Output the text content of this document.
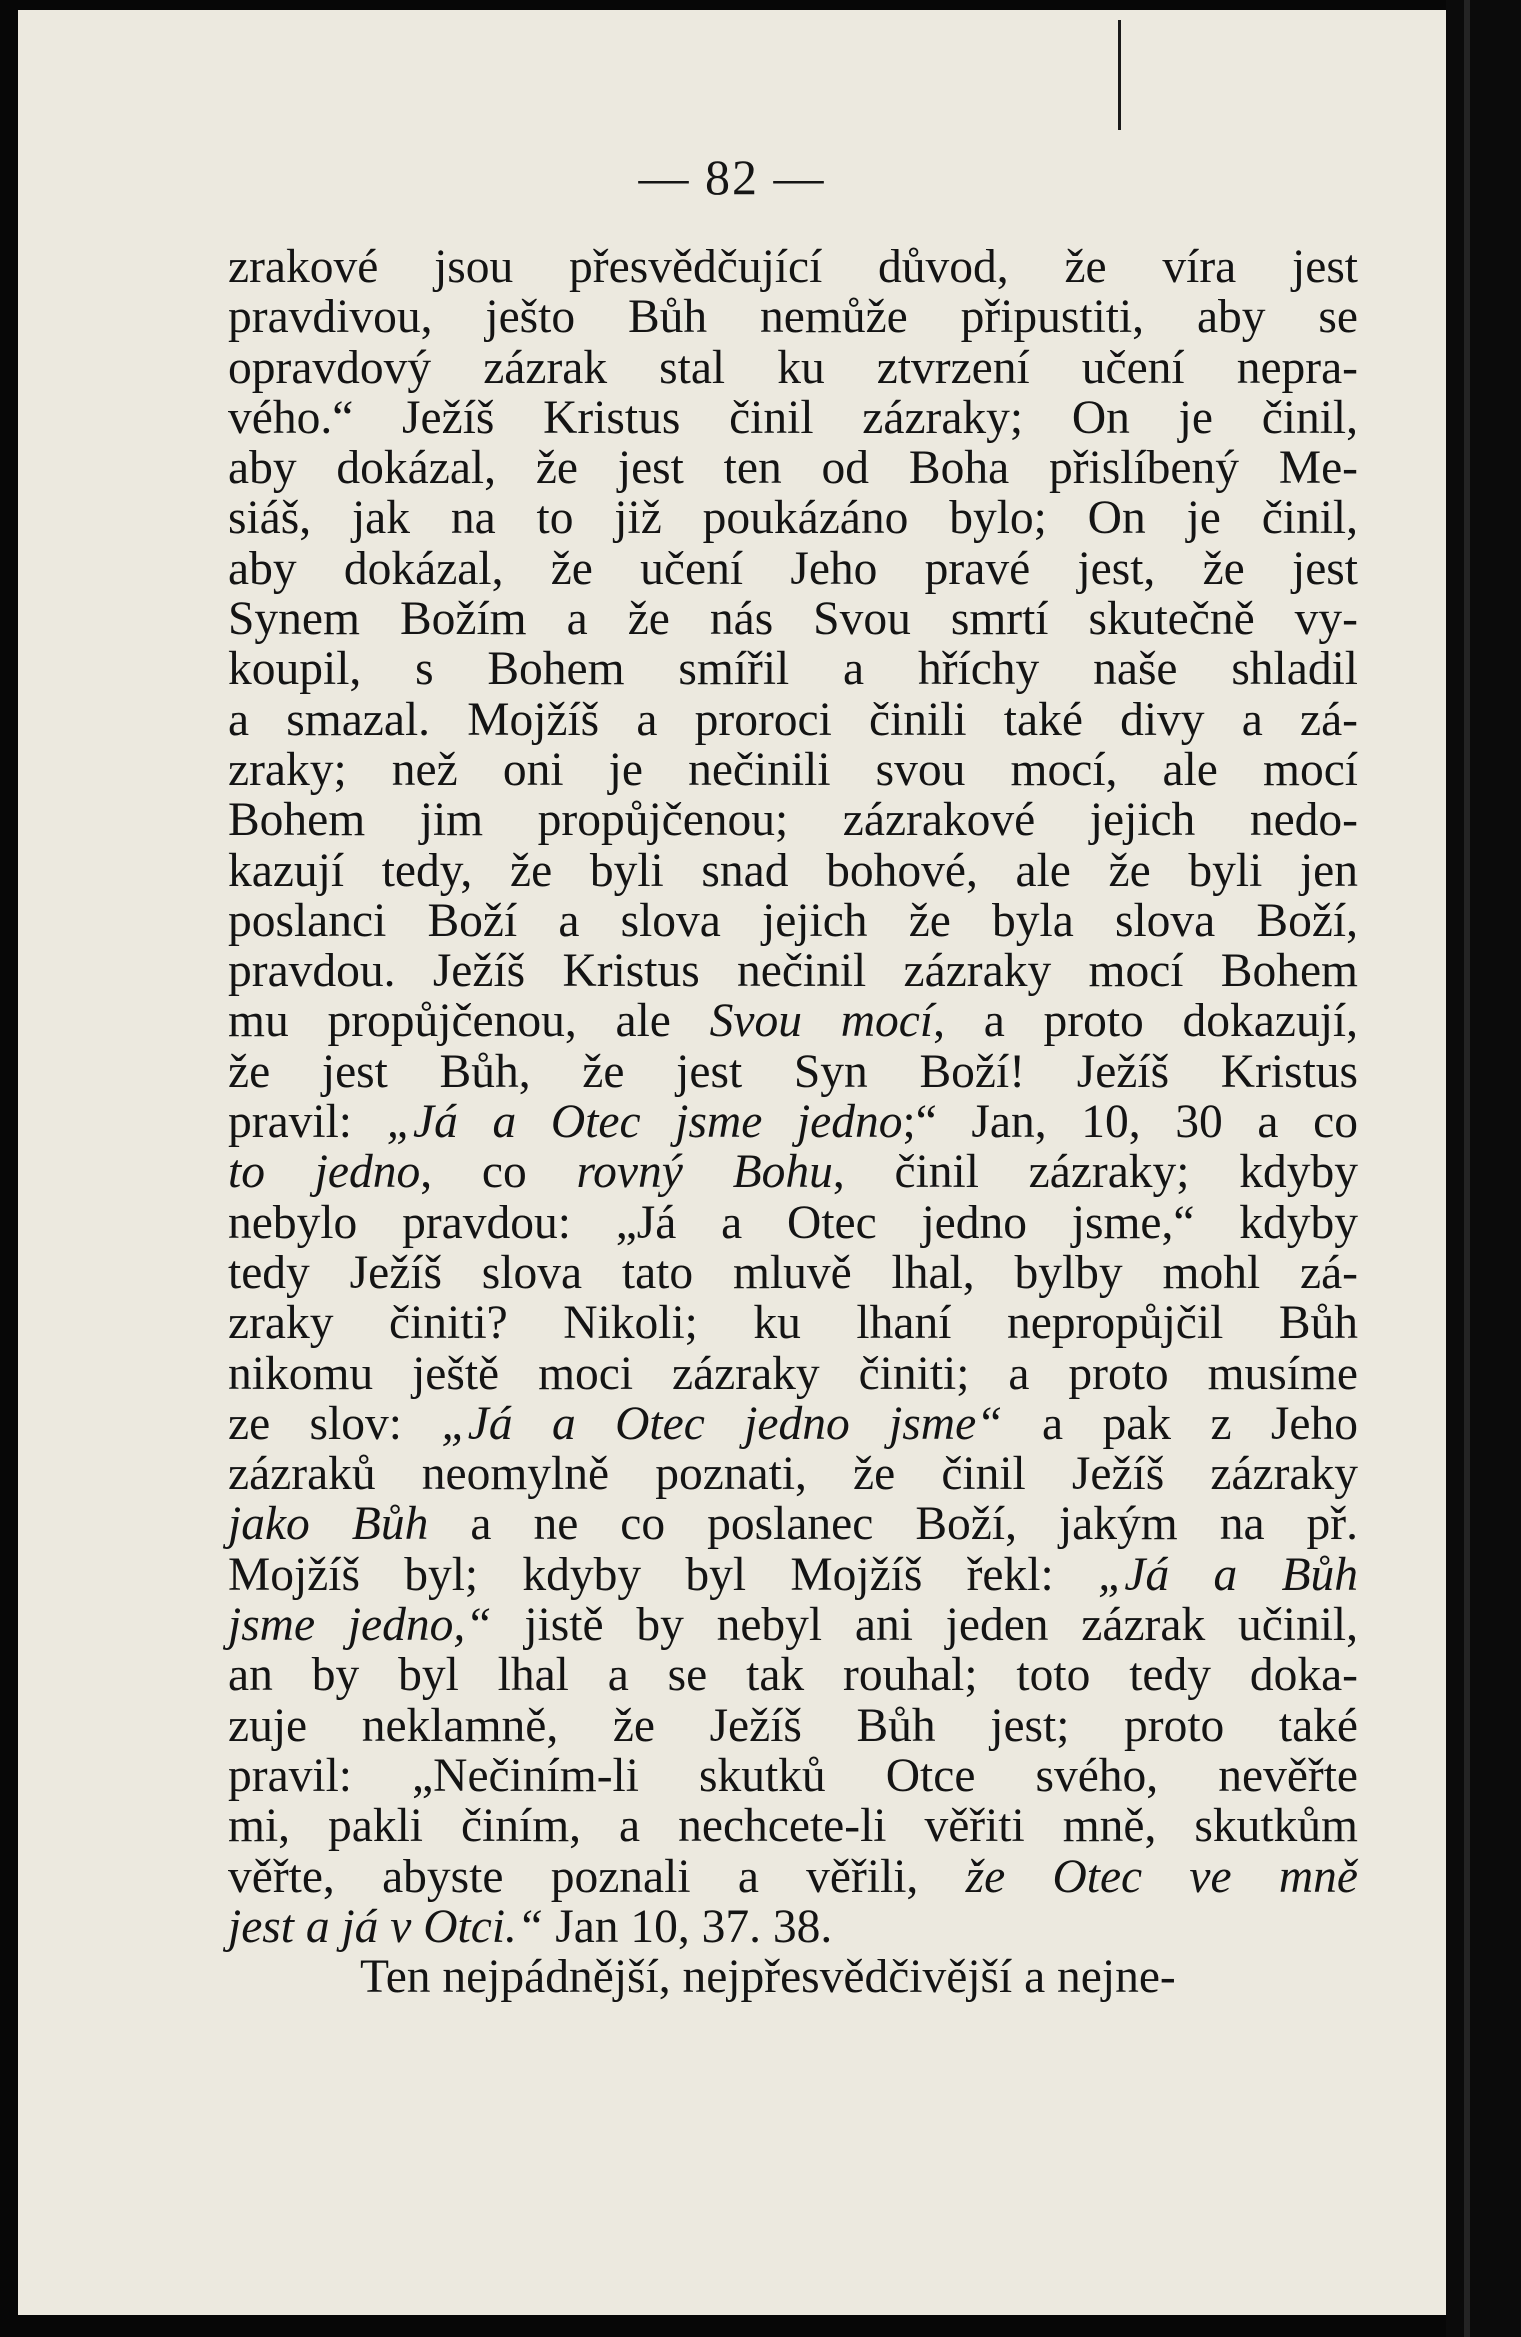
— 82 —
zrakové jsou přesvědčující důvod, že víra jest
pravdivou, ješto Bůh nemůže připustiti, aby se
opravdový zázrak stal ku ztvrzení učení nepra-
vého.“ Ježíš Kristus činil zázraky; On je činil,
aby dokázal, že jest ten od Boha přislíbený Me-
siáš, jak na to již poukázáno bylo; On je činil,
aby dokázal, že učení Jeho pravé jest, že jest
Synem Božím a že nás Svou smrtí skutečně vy-
koupil, s Bohem smířil a hříchy naše shladil
a smazal. Mojžíš a proroci činili také divy a zá-
zraky; než oni je nečinili svou mocí, ale mocí
Bohem jim propůjčenou; zázrakové jejich nedo-
kazují tedy, že byli snad bohové, ale že byli jen
poslanci Boží a slova jejich že byla slova Boží,
pravdou. Ježíš Kristus nečinil zázraky mocí Bohem
mu propůjčenou, ale Svou mocí, a proto dokazují,
že jest Bůh, že jest Syn Boží! Ježíš Kristus
pravil: „Já a Otec jsme jedno;“ Jan, 10, 30 a co
to jedno, co rovný Bohu, činil zázraky; kdyby
nebylo pravdou: „Já a Otec jedno jsme,“ kdyby
tedy Ježíš slova tato mluvě lhal, bylby mohl zá-
zraky činiti? Nikoli; ku lhaní nepropůjčil Bůh
nikomu ještě moci zázraky činiti; a proto musíme
ze slov: „Já a Otec jedno jsme“ a pak z Jeho
zázraků neomylně poznati, že činil Ježíš zázraky
jako Bůh a ne co poslanec Boží, jakým na př.
Mojžíš byl; kdyby byl Mojžíš řekl: „Já a Bůh
jsme jedno,“ jistě by nebyl ani jeden zázrak učinil,
an by byl lhal a se tak rouhal; toto tedy doka-
zuje neklamně, že Ježíš Bůh jest; proto také
pravil: „Nečiním-li skutků Otce svého, nevěřte
mi, pakli činím, a nechcete-li věřiti mně, skutkům
věřte, abyste poznali a věřili, že Otec ve mně
jest a já v Otci.“ Jan 10, 37. 38.
Ten nejpádnější, nejpřesvědčivější a nejne-
